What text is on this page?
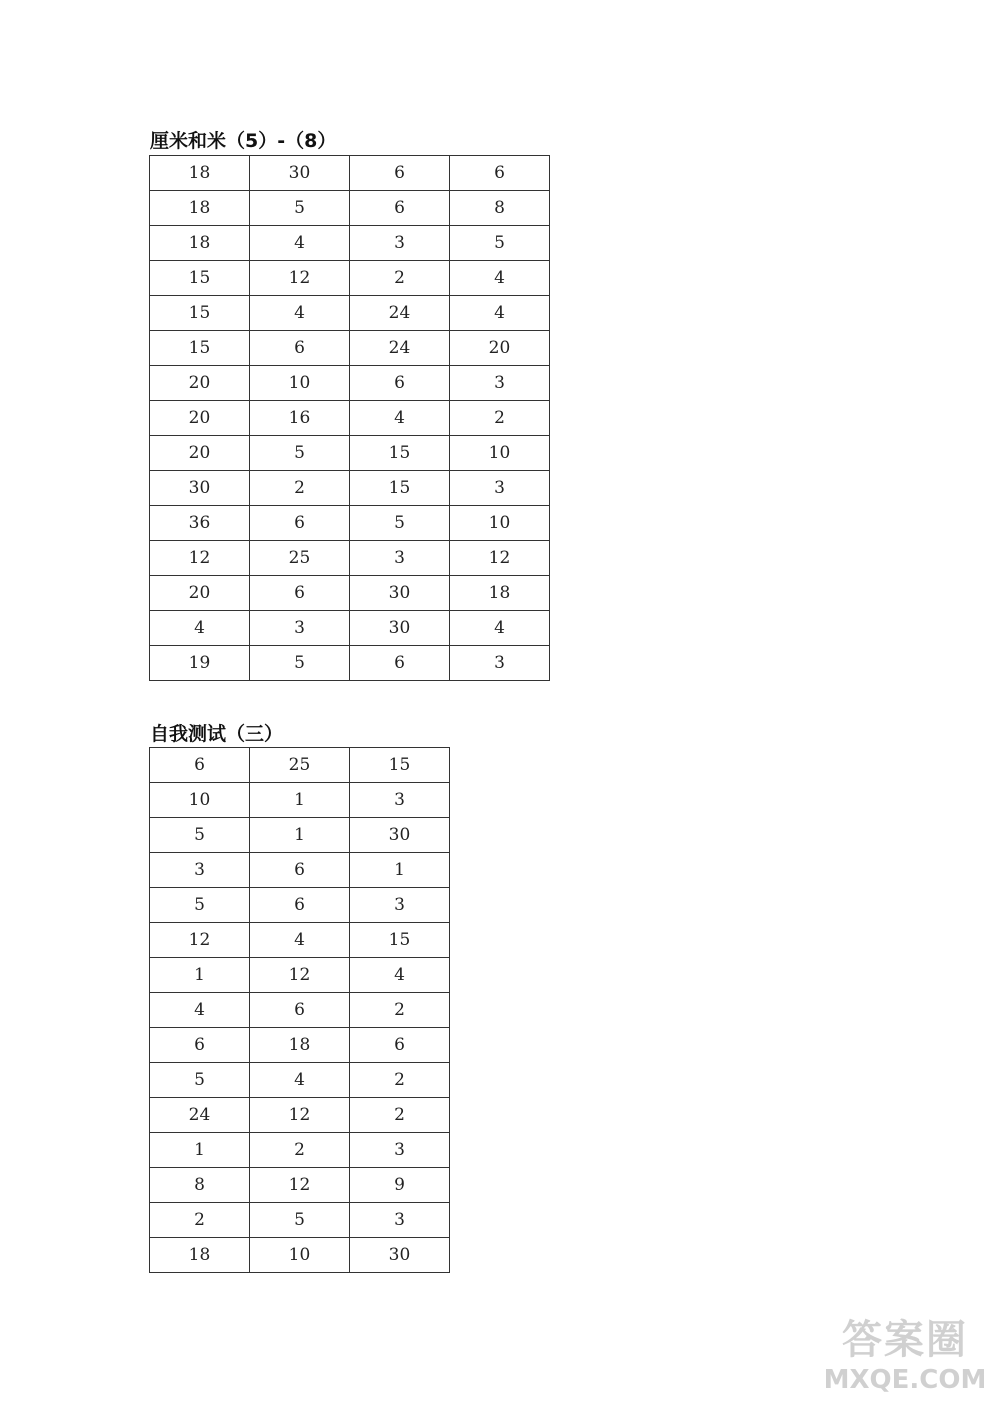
厘米和米（5）-（8）
18	30	6	6
18	5	6	8
18	4	3	5
15	12	2	4
15	4	24	4
15	6	24	20
20	10	6	3
20	16	4	2
20	5	15	10
30	2	15	3
36	6	5	10
12	25	3	12
20	6	30	18
4	3	30	4
19	5	6	3
自我测试（三）
6	25	15
10	1	3
5	1	30
3	6	1
5	6	3
12	4	15
1	12	4
4	6	2
6	18	6
5	4	2
24	12	2
1	2	3
8	12	9
2	5	3
18	10	30
答案圈
MXQE.COM
